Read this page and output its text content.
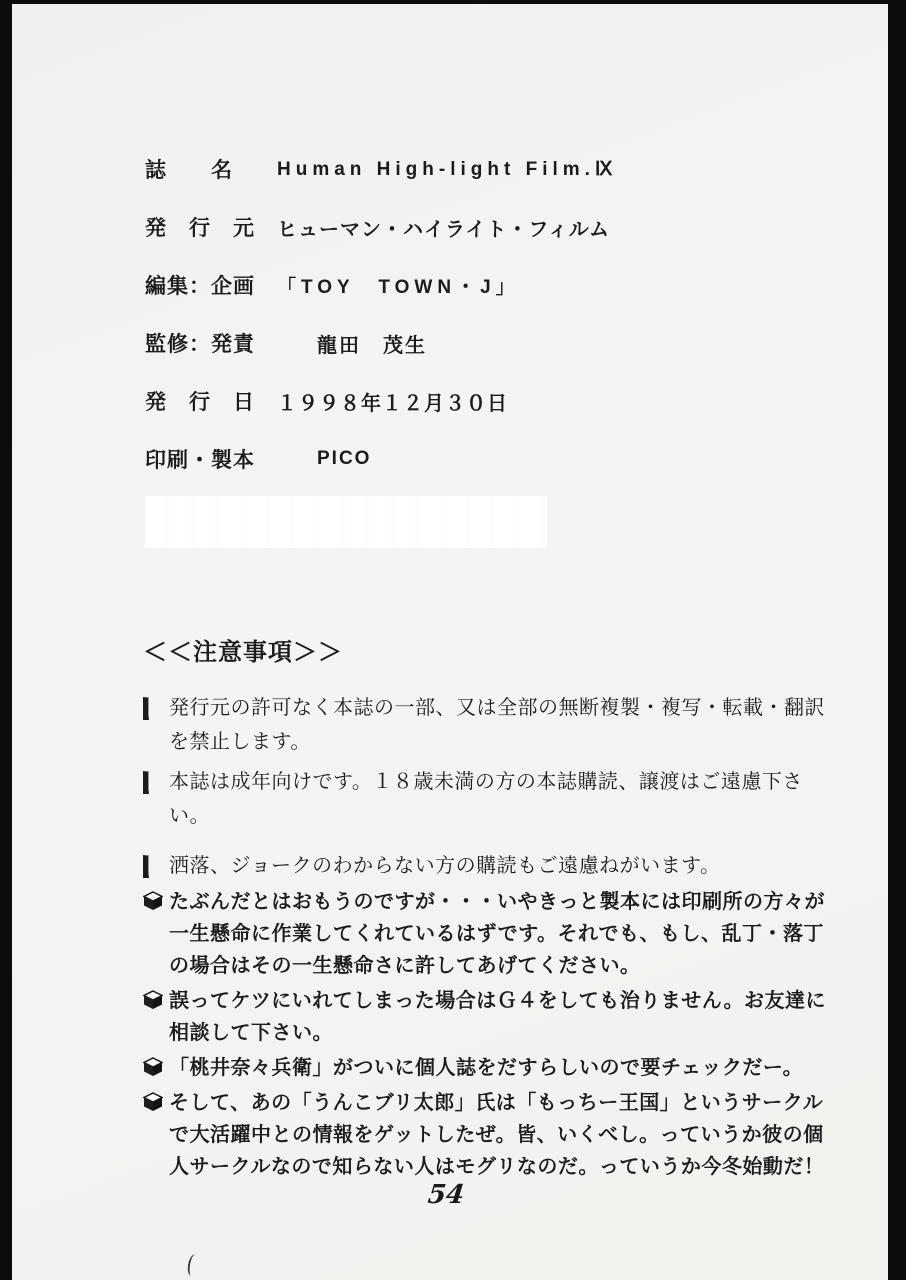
誌　　名	Human High-light Film.Ⅸ
発　行　元	ヒューマン・ハイライト・フィルム
編集：企画	「TOY　TOWN・J」
監修：発責	龍田　茂生
発　行　日	１９９８年１２月３０日
印刷・製本	PICO
＜＜注意事項＞＞
発行元の許可なく本誌の一部、又は全部の無断複製・複写・転載・翻訳を禁止します。
本誌は成年向けです。１８歳未満の方の本誌購読、譲渡はご遠慮下さい。
洒落、ジョークのわからない方の購読もご遠慮ねがいます。
たぶんだとはおもうのですが・・・いやきっと製本には印刷所の方々が一生懸命に作業してくれているはずです。それでも、もし、乱丁・落丁の場合はその一生懸命さに許してあげてください。
誤ってケツにいれてしまった場合はＧ４をしても治りません。お友達に相談して下さい。
「桃井奈々兵衛」がついに個人誌をだすらしいので要チェックだー。
そして、あの「うんこブリ太郎」氏は「もっちー王国」というサークルで大活躍中との情報をゲットしたぜ。皆、いくべし。っていうか彼の個人サークルなので知らない人はモグリなのだ。っていうか今冬始動だ！
54
